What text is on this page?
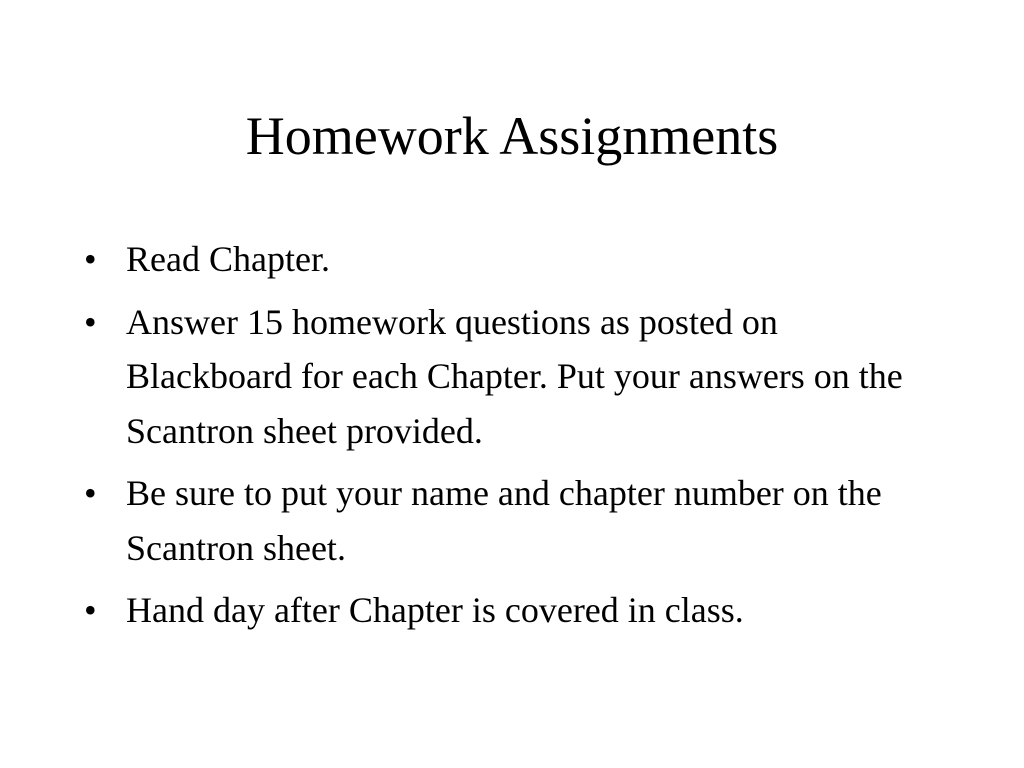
Homework Assignments
• Read Chapter.
• Answer 15 homework questions as posted on Blackboard for each Chapter. Put your answers on the Scantron sheet provided.
• Be sure to put your name and chapter number on the Scantron sheet.
• Hand day after Chapter is covered in class.
